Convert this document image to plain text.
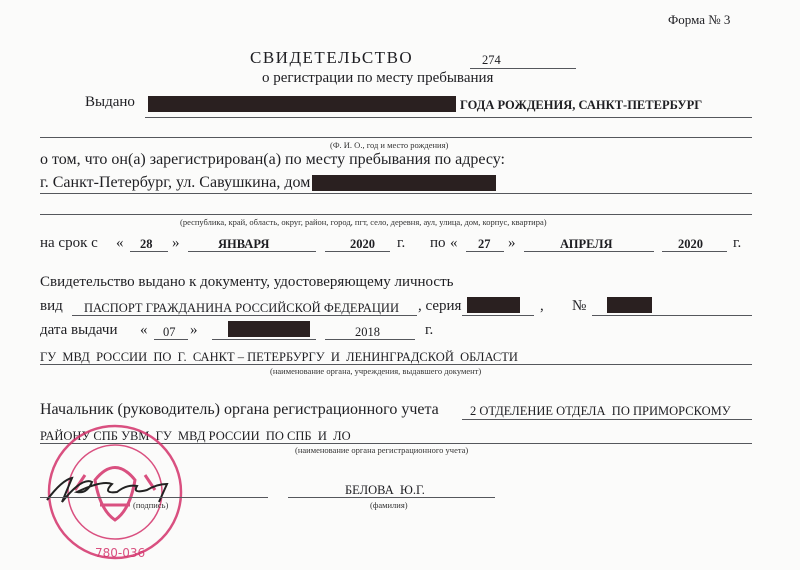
Форма № 3
СВИДЕТЕЛЬСТВО	274
о регистрации по месту пребывания
Выдано	ГОДА РОЖДЕНИЯ, САНКТ-ПЕТЕРБУРГ
(Ф. И. О., год и место рождения)
о том, что он(а) зарегистрирован(а) по месту пребывания по адресу:
г. Санкт-Петербург, ул. Савушкина, дом
(республика, край, область, округ, район, город, пгт, село, деревня, аул, улица, дом, корпус, квартира)
на срок с « 28 »	ЯНВАРЯ	2020 г. по « 27 »	АПРЕЛЯ	2020 г.
Свидетельство выдано к документу, удостоверяющему личность
вид ПАСПОРТ ГРАЖДАНИНА РОССИЙСКОЙ ФЕДЕРАЦИИ , серия	, №
дата выдачи « 07 »	2018	г.
ГУ  МВД  РОССИИ  ПО  Г.  САНКТ – ПЕТЕРБУРГУ  И  ЛЕНИНГРАДСКОЙ  ОБЛАСТИ
(наименование органа, учреждения, выдавшего документ)
Начальник (руководитель) органа регистрационного учета	2 ОТДЕЛЕНИЕ ОТДЕЛА  ПО ПРИМОРСКОМУ
РАЙОНУ СПБ УВМ  ГУ  МВД РОССИИ  ПО СПБ  И  ЛО
(наименование органа регистрационного учета)
780-036
(подпись)
БЕЛОВА  Ю.Г.
(фамилия)
